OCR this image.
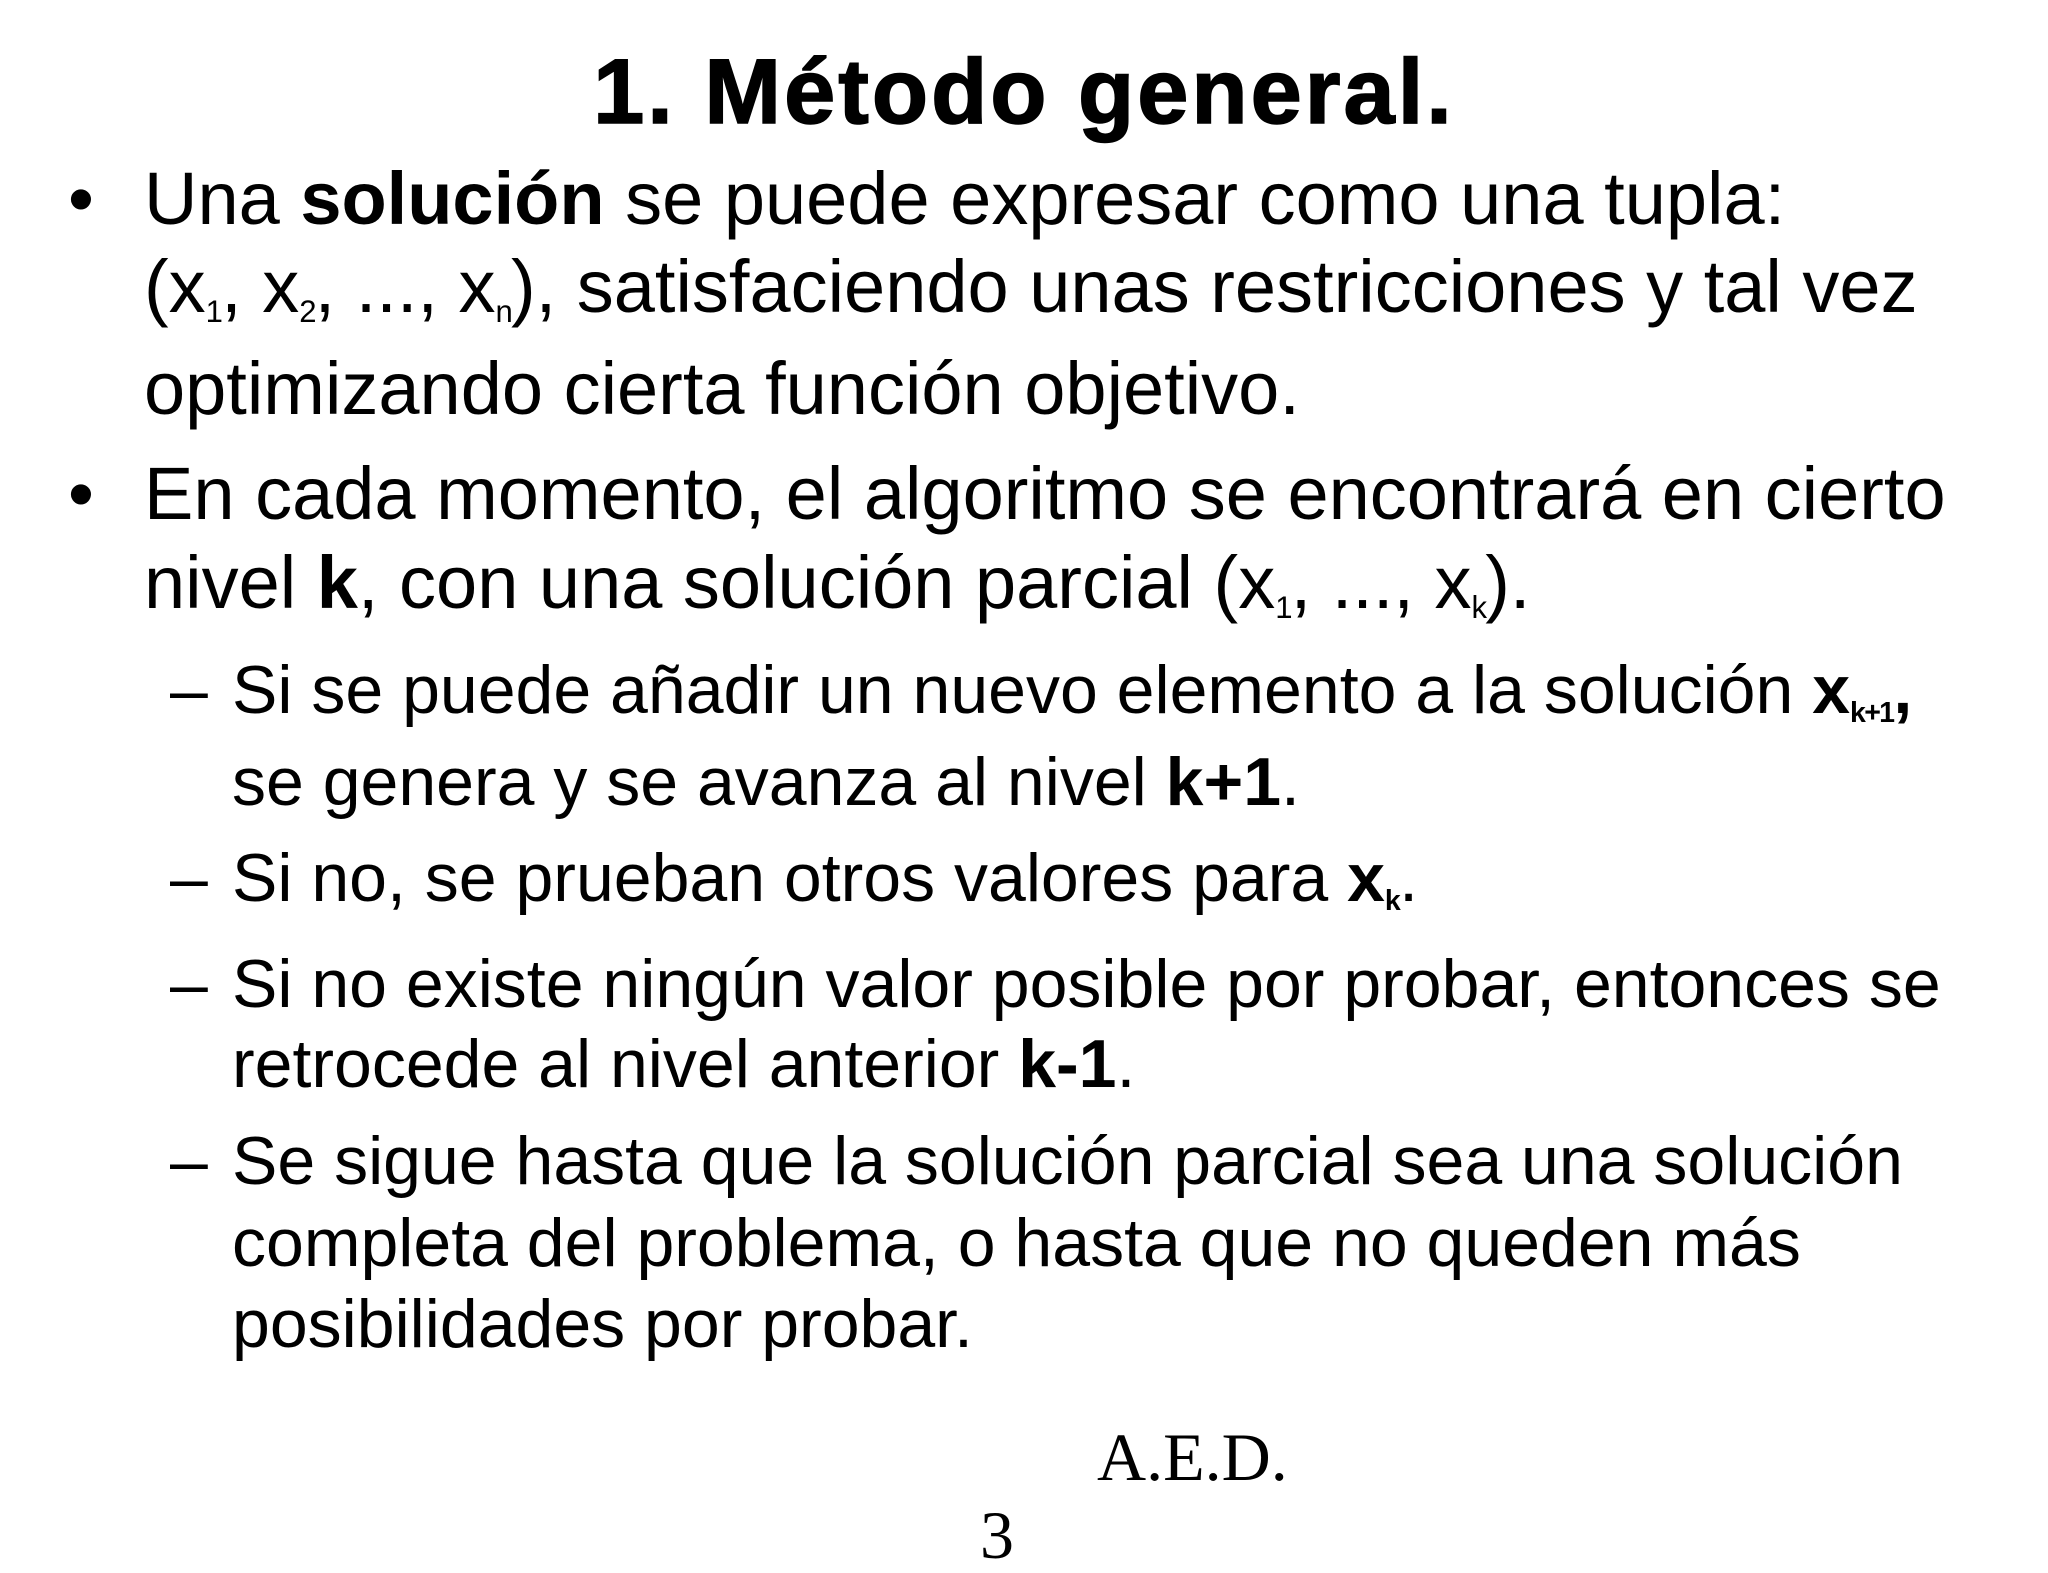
1. Método general.
• Una solución se puede expresar como una tupla:
(x1, x2, ..., xn), satisfaciendo unas restricciones y tal vez
optimizando cierta función objetivo.
• En cada momento, el algoritmo se encontrará en cierto
nivel k, con una solución parcial (x1, ..., xk).
– Si se puede añadir un nuevo elemento a la solución xk+1,
se genera y se avanza al nivel k+1.
– Si no, se prueban otros valores para xk.
– Si no existe ningún valor posible por probar, entonces se
retrocede al nivel anterior k-1.
– Se sigue hasta que la solución parcial sea una solución
completa del problema, o hasta que no queden más
posibilidades por probar.
A.E.D.
3
